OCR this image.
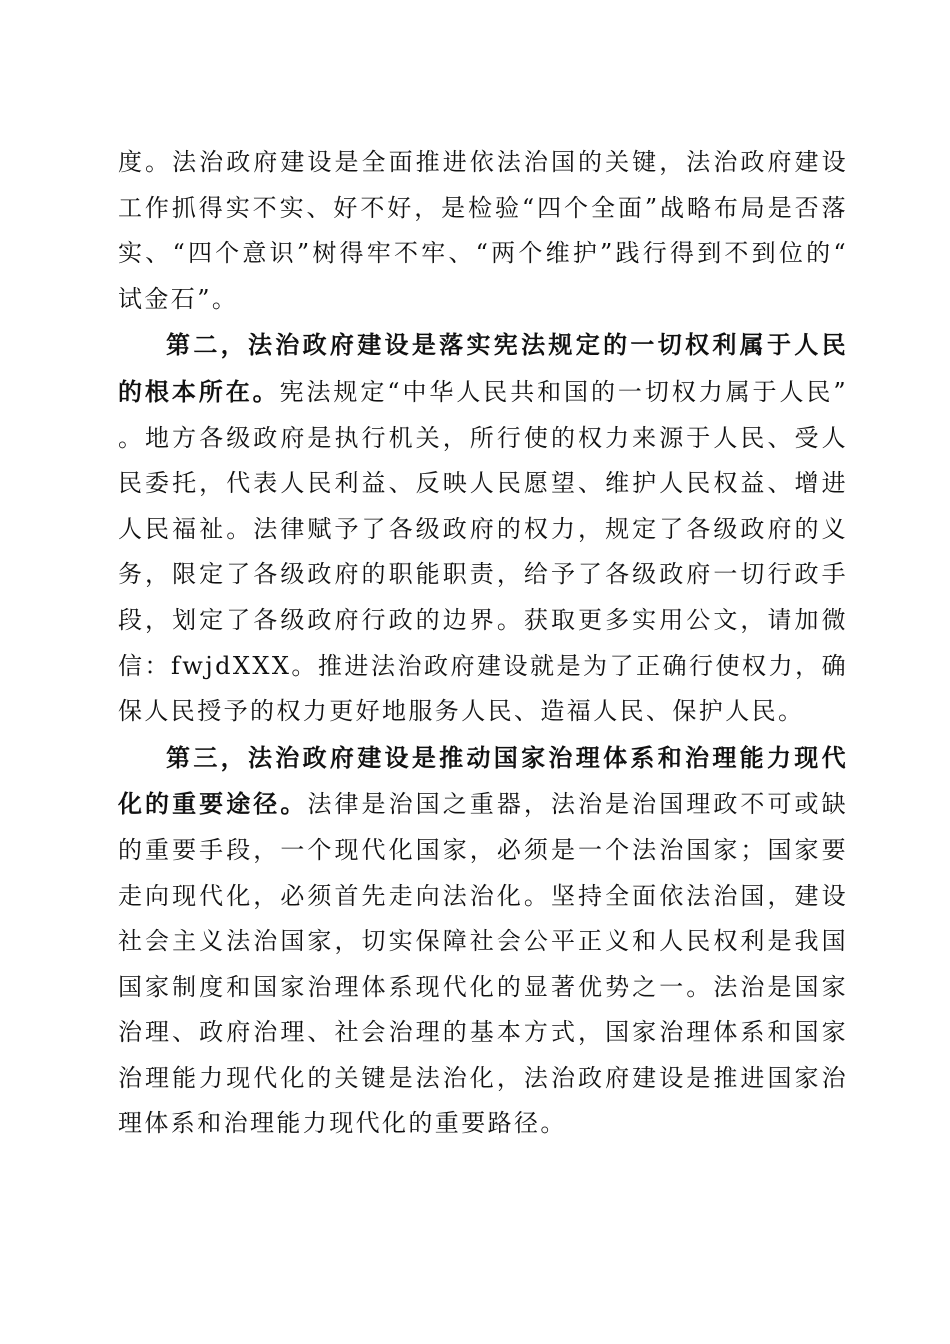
度。法治政府建设是全面推进依法治国的关键，法治政府建设工作抓得实不实、好不好，是检验“四个全面”战略布局是否落实、“四个意识”树得牢不牢、“两个维护”践行得到不到位的“试金石”。

第二，法治政府建设是落实宪法规定的一切权利属于人民的根本所在。宪法规定“中华人民共和国的一切权力属于人民”。地方各级政府是执行机关，所行使的权力来源于人民、受人民委托，代表人民利益、反映人民愿望、维护人民权益、增进人民福祉。法律赋予了各级政府的权力，规定了各级政府的义务，限定了各级政府的职能职责，给予了各级政府一切行政手段，划定了各级政府行政的边界。获取更多实用公文，请加微信：fwjdXXX。推进法治政府建设就是为了正确行使权力，确保人民授予的权力更好地服务人民、造福人民、保护人民。

第三，法治政府建设是推动国家治理体系和治理能力现代化的重要途径。法律是治国之重器，法治是治国理政不可或缺的重要手段，一个现代化国家，必须是一个法治国家；国家要走向现代化，必须首先走向法治化。坚持全面依法治国，建设社会主义法治国家，切实保障社会公平正义和人民权利是我国国家制度和国家治理体系现代化的显著优势之一。法治是国家治理、政府治理、社会治理的基本方式，国家治理体系和国家治理能力现代化的关键是法治化，法治政府建设是推进国家治理体系和治理能力现代化的重要路径。
